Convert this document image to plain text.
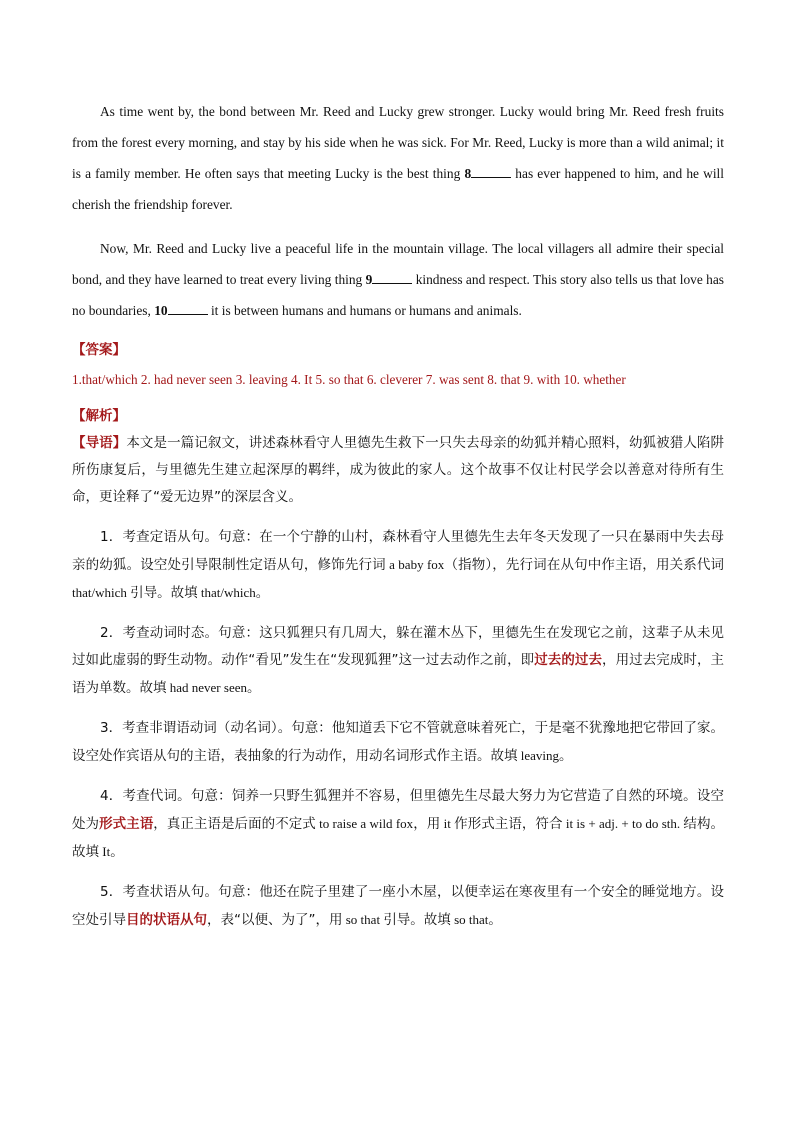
As time went by, the bond between Mr. Reed and Lucky grew stronger. Lucky would bring Mr. Reed fresh fruits from the forest every morning, and stay by his side when he was sick. For Mr. Reed, Lucky is more than a wild animal; it is a family member. He often says that meeting Lucky is the best thing 8	has ever happened to him, and he will cherish the friendship forever.

Now, Mr. Reed and Lucky live a peaceful life in the mountain village. The local villagers all admire their special bond, and they have learned to treat every living thing 9	kindness and respect. This story also tells us that love has no boundaries, 10	it is between humans and humans or humans and animals.

【答案】

1.that/which 2. had never seen 3. leaving 4. It 5. so that 6. cleverer 7. was sent 8. that 9. with 10. whether

【解析】

【导语】本文是一篇记叙文，讲述森林看守人里德先生救下一只失去母亲的幼狐并精心照料，幼狐被猎人陷阱所伤康复后，与里德先生建立起深厚的羁绊，成为彼此的家人。这个故事不仅让村民学会以善意对待所有生命，更诠释了“爱无边界”的深层含义。

1．考查定语从句。句意：在一个宁静的山村，森林看守人里德先生去年冬天发现了一只在暴雨中失去母亲的幼狐。设空处引导限制性定语从句，修饰先行词 a baby fox（指物），先行词在从句中作主语，用关系代词 that/which 引导。故填 that/which。

2．考查动词时态。句意：这只狐狸只有几周大，躲在灌木丛下，里德先生在发现它之前，这辈子从未见过如此虚弱的野生动物。动作“看见”发生在“发现狐狸”这一过去动作之前，即过去的过去，用过去完成时，主语为单数。故填 had never seen。

3．考查非谓语动词（动名词）。句意：他知道丢下它不管就意味着死亡，于是毫不犹豫地把它带回了家。设空处作宾语从句的主语，表抽象的行为动作，用动名词形式作主语。故填 leaving。

4．考查代词。句意：饲养一只野生狐狸并不容易，但里德先生尽最大努力为它营造了自然的环境。设空处为形式主语，真正主语是后面的不定式 to raise a wild fox，用 it 作形式主语，符合 it is + adj. + to do sth. 结构。故填 It。

5．考查状语从句。句意：他还在院子里建了一座小木屋，以便幸运在寒夜里有一个安全的睡觉地方。设空处引导目的状语从句，表“以便、为了”，用 so that 引导。故填 so that。
